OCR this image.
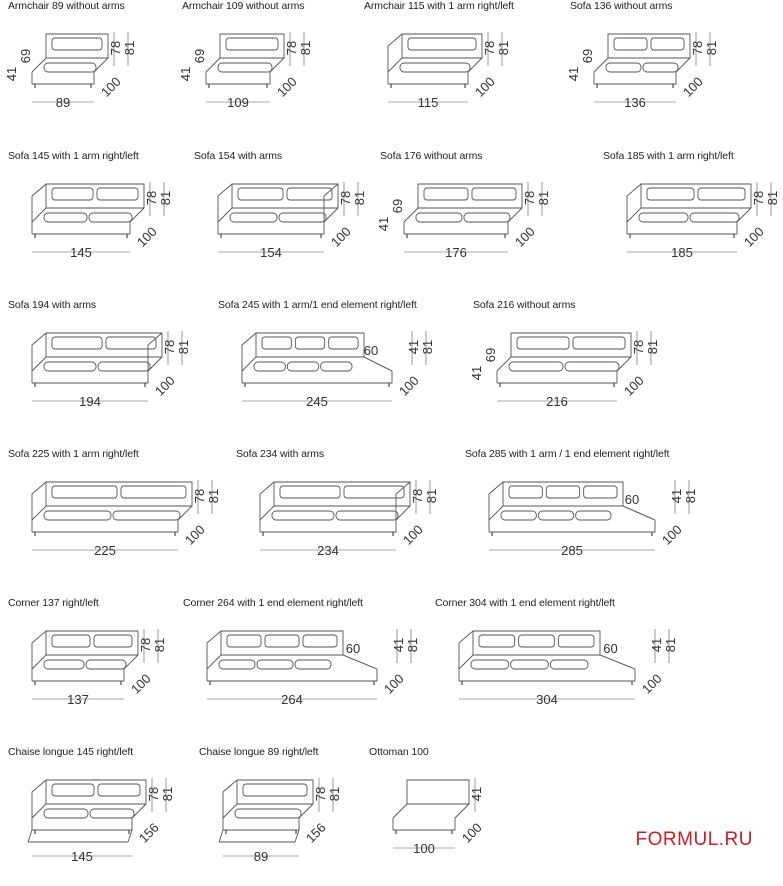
Armchair 89 without arms
89
100
78 81
69
41
Armchair 109 without arms
109
100
78 81
69
41
Armchair 115 with 1 arm right/left
115
100
78 81
Sofa 136 without arms
136
100
78 81
69
41
Sofa 145 with 1 arm right/left
145
100
78 81
Sofa 154 with arms
154
100
78 81
Sofa 176 without arms
176
100
78 81
69
41
Sofa 185 with 1 arm right/left
185
100
78 81
Sofa 194 with arms
194
100
78 81
Sofa 245 with 1 arm/1 end element right/left
245
100
41 81
60
Sofa 216 without arms
216
100
78 81
69
41
Sofa 225 with 1 arm right/left
225
100
78 81
Sofa 234 with arms
234
100
78 81
Sofa 285 with 1 arm / 1 end element right/left
285
100
41 81
60
Corner 137 right/left
137
100
78 81
Corner 264 with 1 end element right/left
264
100
41 81
60
Corner 304 with 1 end element right/left
304
100
41 81
60
Chaise longue 145 right/left
145
156
78 81
Chaise longue 89 right/left
89
156
78 81
Ottoman 100
100
100
41
FORMUL.RU
